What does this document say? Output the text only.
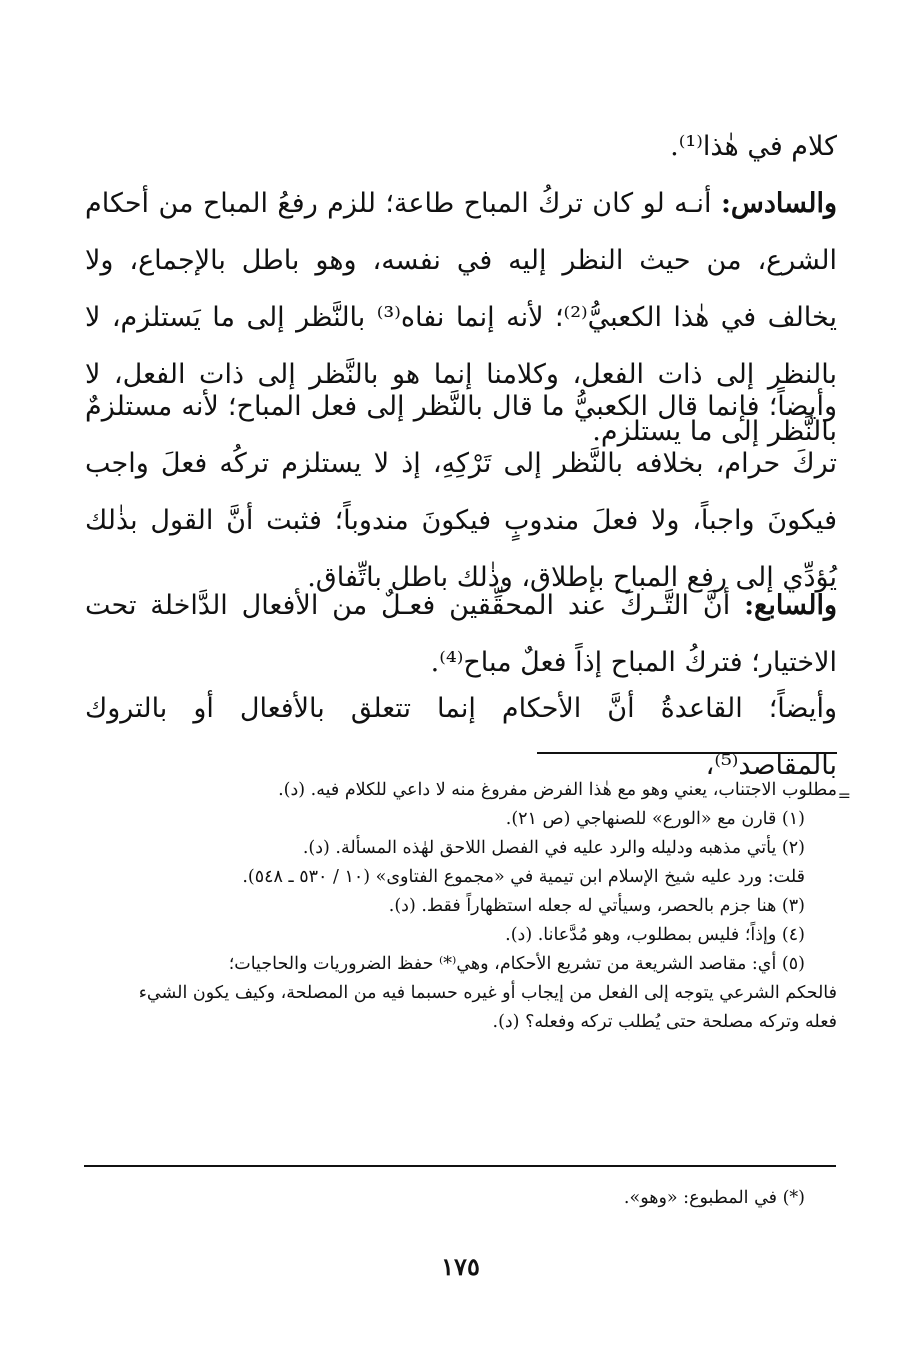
كلام في هٰذا⁽¹⁾.

والسادس: أنـه لو كان تركُ المباح طاعة؛ للزم رفعُ المباح من أحكام الشرع، من حيث النظر إليه في نفسه، وهو باطل بالإجماع، ولا يخالف في هٰذا الكعبيُّ⁽²⁾؛ لأنه إنما نفاه⁽³⁾ بالنَّظر إلى ما يَستلزم، لا بالنظر إلى ذات الفعل، وكلامنا إنما هو بالنَّظر إلى ذات الفعل، لا بالنَّظر إلى ما يستلزم.

وأيضاً؛ فإنما قال الكعبيُّ ما قال بالنَّظر إلى فعل المباح؛ لأنه مستلزمٌ تركَ حرام، بخلافه بالنَّظر إلى تَرْكِهِ، إذ لا يستلزم تركُه فعلَ واجب فيكونَ واجباً، ولا فعلَ مندوبٍ فيكونَ مندوباً؛ فثبت أنَّ القول بذٰلك يُؤدِّي إلى رفع المباح بإطلاق، وذٰلك باطل باتِّفاق.

والسابع: أنَّ التَّـركَ عند المحقِّقين فعـلٌ من الأفعال الدَّاخلة تحت الاختيار؛ فتركُ المباح إذاً فعلٌ مباح⁽⁴⁾.

وأيضاً؛ القاعدةُ أنَّ الأحكام إنما تتعلق بالأفعال أو بالتروك بالمقاصد⁽⁵⁾،

=
مطلوب الاجتناب، يعني وهو مع هٰذا الفرض مفروغ منه لا داعي للكلام فيه. (د).
(١) قارن مع «الورع» للصنهاجي (ص ٢١).
(٢) يأتي مذهبه ودليله والرد عليه في الفصل اللاحق لهٰذه المسألة. (د).
قلت: ورد عليه شيخ الإسلام ابن تيمية في «مجموع الفتاوى» (١٠ / ٥٣٠ ـ ٥٤٨).
(٣) هنا جزم بالحصر، وسيأتي له جعله استظهاراً فقط. (د).
(٤) وإذاً؛ فليس بمطلوب، وهو مُدَّعانا. (د).
(٥) أي: مقاصد الشريعة من تشريع الأحكام، وهي⁽*⁾ حفظ الضروريات والحاجيات؛
فالحكم الشرعي يتوجه إلى الفعل من إيجاب أو غيره حسبما فيه من المصلحة، وكيف يكون الشيء
فعله وتركه مصلحة حتى يُطلب تركه وفعله؟ (د).
(*) في المطبوع: «وهو».
١٧٥
